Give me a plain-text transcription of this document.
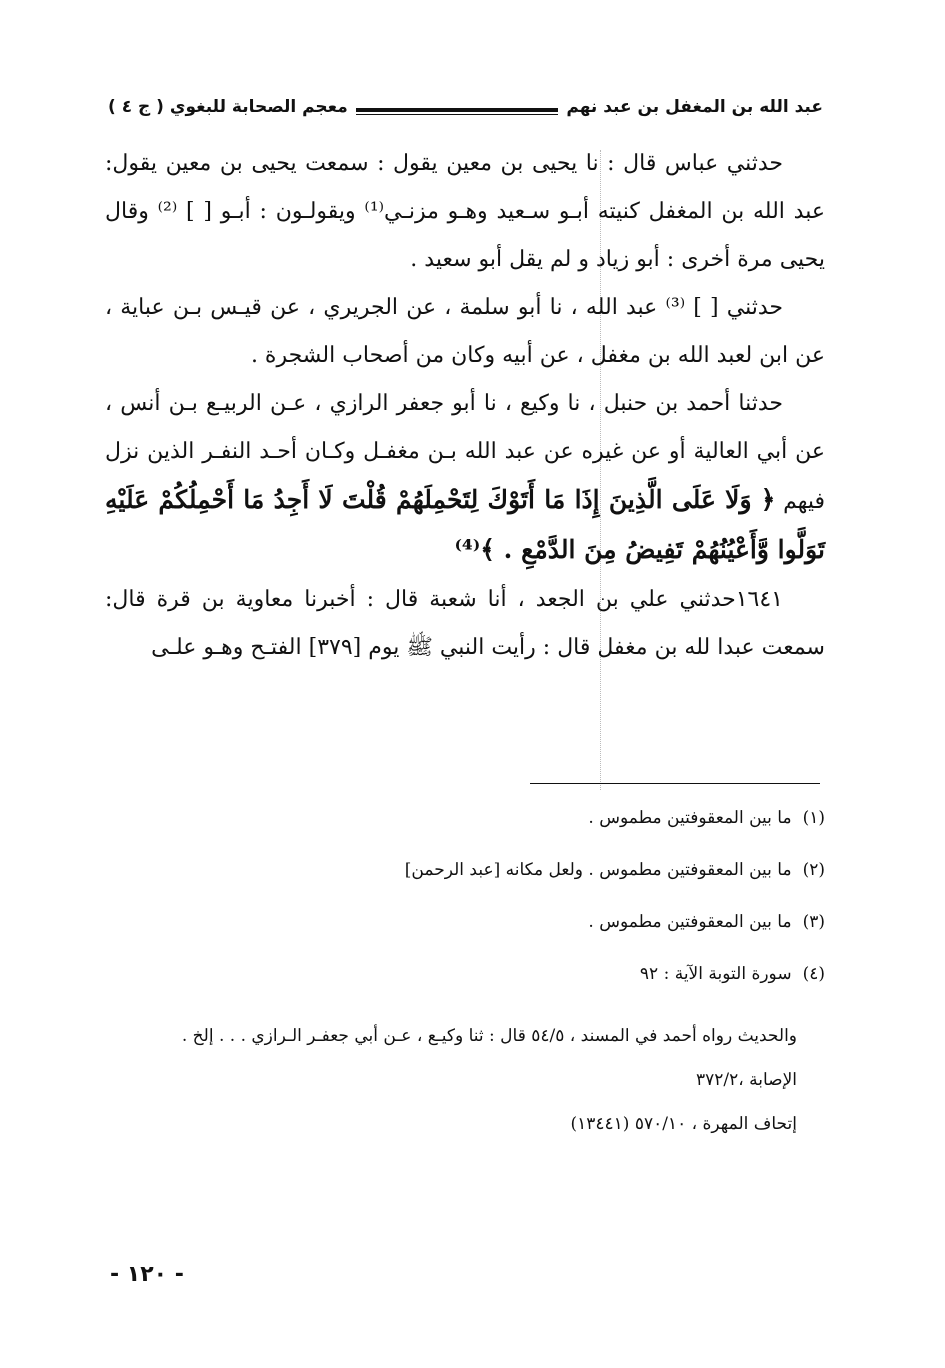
معجم الصحابة للبغوي ( ج ٤ )	عبد الله بن المغفل بن عبد نهم

حدثني عباس قال : نا يحيى بن معين يقول : سمعت يحيى بن معين يقول: عبد الله بن المغفل كنيته أبـو سـعيد وهـو مزنـي⁽¹⁾ ويقولـون : أبـو [ ] ⁽²⁾ وقال يحيى مرة أخرى : أبو زياد و لم يقل أبو سعيد .

حدثني [ ] ⁽³⁾ عبد الله ، نا أبو سلمة ، عن الجريري ، عن قيـس بـن عباية ، عن ابن لعبد الله بن مغفل ، عن أبيه وكان من أصحاب الشجرة .

حدثنا أحمد بن حنبل ، نا وكيع ، نا أبو جعفر الرازي ، عـن الربيـع بـن أنس ، عن أبي العالية أو عن غيره عن عبد الله بـن مغفـل وكـان أحـد النفـر الذين نزل فيهم ﴿ وَلَا عَلَى الَّذِينَ إِذَا مَا أَتَوْكَ لِتَحْمِلَهُمْ قُلْتَ لَا أَجِدُ مَا أَحْمِلُكُمْ عَلَيْهِ تَوَلَّوا وَّأَعْيُنُهُمْ تَفِيضُ مِنَ الدَّمْعِ . ﴾⁽⁴⁾

١٦٤١حدثني علي بن الجعد ، أنا شعبة قال : أخبرنا معاوية بن قرة قال: سمعت عبدا لله بن مغفل قال : رأيت النبي ﷺ يوم [٣٧٩] الفتـح وهـو علـى

(١) ما بين المعقوفتين مطموس .

(٢) ما بين المعقوفتين مطموس . ولعل مكانه [عبد الرحمن]

(٣) ما بين المعقوفتين مطموس .

(٤) سورة التوبة الآية : ٩٢

والحديث رواه أحمد في المسند ، ٥٤/٥ قال : ثنا وكيـع ، عـن أبي جعفـر الـرازي . . . إلخ .

الإصابة ،٣٧٢/٢

إتحاف المهرة ، ٥٧٠/١٠ (١٣٤٤١)

- ١٢٠ -
